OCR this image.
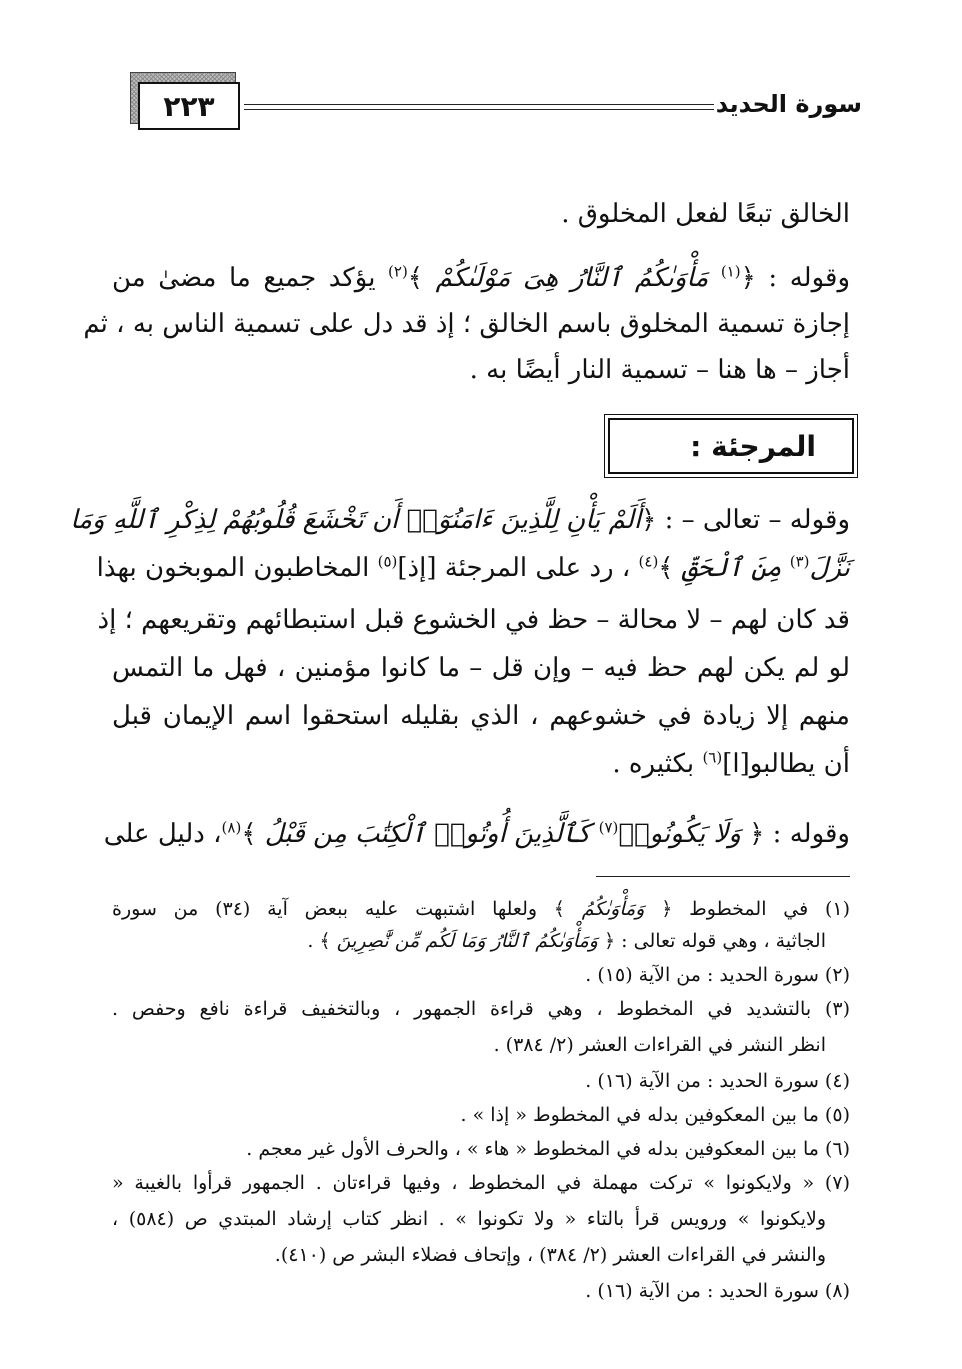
٢٢٣	سورة الحديد
الخالق تبعًا لفعل المخلوق .
وقوله : ﴿$^{(١)}$ مَأْوَىٰكُمُ ٱلنَّارُ هِىَ مَوْلَىٰكُمْ ﴾$^{(٢)}$ يؤكد جميع ما مضىٰ من
إجازة تسمية المخلوق باسم الخالق ؛ إذ قد دل على تسمية الناس به ، ثم
أجاز – ها هنا – تسمية النار أيضًا به .
المرجئة :
وقوله – تعالى – : ﴿أَلَمْ يَأْنِ لِلَّذِينَ ءَامَنُوٓا۟ أَن تَخْشَعَ قُلُوبُهُمْ لِذِكْرِ ٱللَّهِ وَمَا
نَزَّلَ$^{(٣)}$ مِنَ ٱلْحَقِّ ﴾$^{(٤)}$ ، رد على المرجئة [إذ]$^{(٥)}$ المخاطبون الموبخون بهذا
قد كان لهم – لا محالة – حظ في الخشوع قبل استبطائهم وتقريعهم ؛ إذ
لو لم يكن لهم حظ فيه – وإن قل – ما كانوا مؤمنين ، فهل ما التمس
منهم إلا زيادة في خشوعهم ، الذي بقليله استحقوا اسم الإيمان قبل
أن يطالبو[ا]$^{(٦)}$ بكثيره .
وقوله : ﴿ وَلَا يَكُونُوا۟$^{(٧)}$ كَٱلَّذِينَ أُوتُوا۟ ٱلْكِتَٰبَ مِن قَبْلُ ﴾$^{(٨)}$، دليل على
(١) في المخطوط ﴿ وَمَأْوَىٰكُمُ ﴾ ولعلها اشتبهت عليه ببعض آية (٣٤) من سورة
الجاثية ، وهي قوله تعالى : ﴿ وَمَأْوَىٰكُمُ ٱلنَّارُ وَمَا لَكُم مِّن نَّٰصِرِينَ ﴾ .
(٢) سورة الحديد : من الآية (١٥) .
(٣) بالتشديد في المخطوط ، وهي قراءة الجمهور ، وبالتخفيف قراءة نافع وحفص .
انظر النشر في القراءات العشر (٢/ ٣٨٤) .
(٤) سورة الحديد : من الآية (١٦) .
(٥) ما بين المعكوفين بدله في المخطوط « إذا » .
(٦) ما بين المعكوفين بدله في المخطوط « هاء » ، والحرف الأول غير معجم .
(٧) « ولايكونوا » تركت مهملة في المخطوط ، وفيها قراءتان . الجمهور قرأوا بالغيبة «
ولايكونوا » ورويس قرأ بالتاء « ولا تكونوا » . انظر كتاب إرشاد المبتدي ص (٥٨٤) ،
والنشر في القراءات العشر (٢/ ٣٨٤) ، وإتحاف فضلاء البشر ص (٤١٠).
(٨) سورة الحديد : من الآية (١٦) .
